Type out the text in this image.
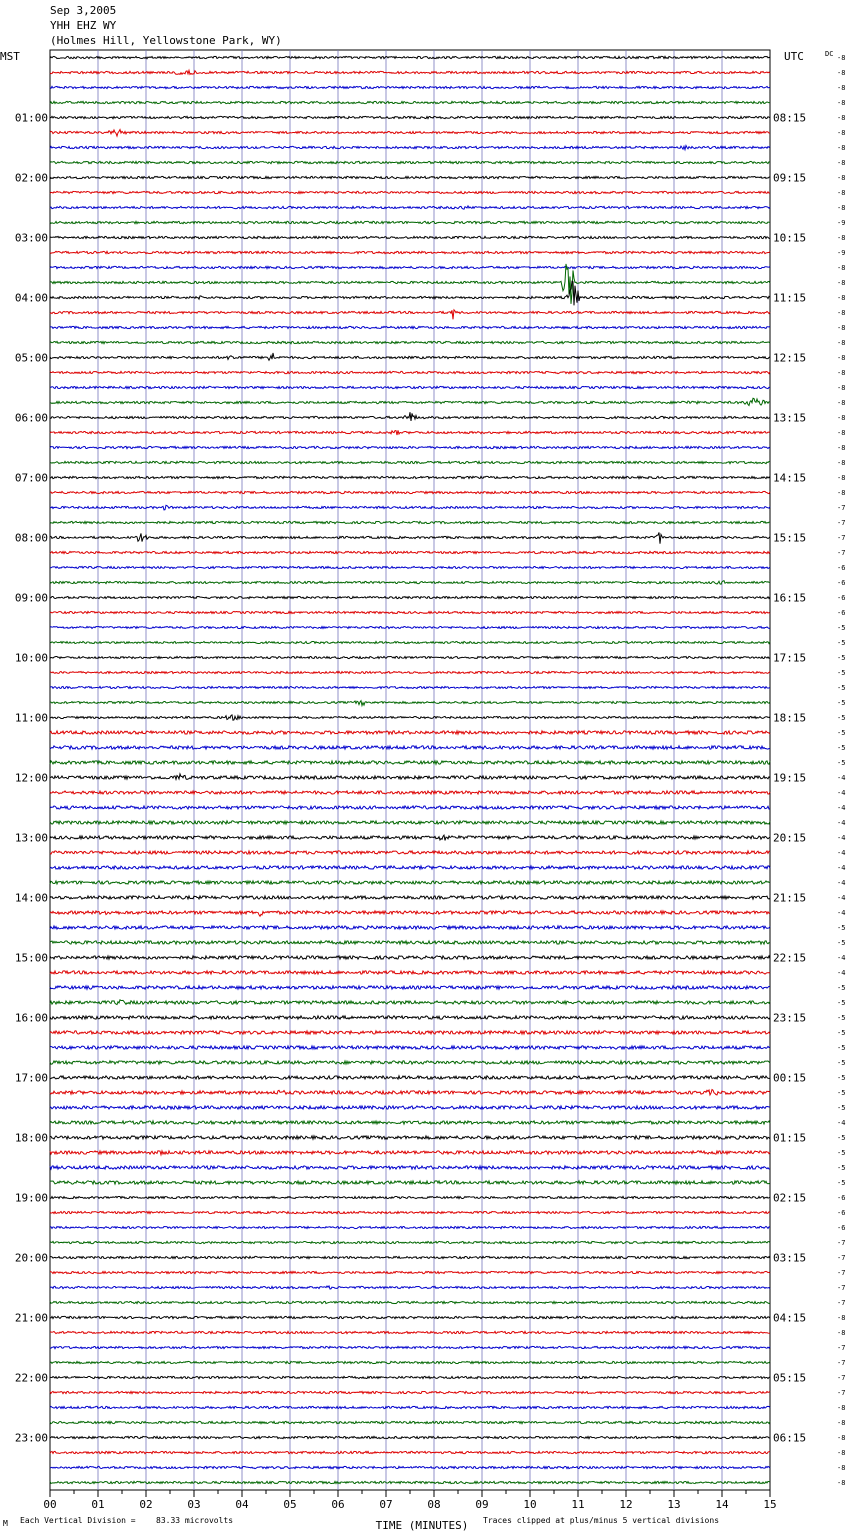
Sep 3,2005
YHH EHZ WY
(Holmes Hill, Yellowstone Park, WY)
-8
-8
-8
-8
-8
-8
-8
-8
-8
-8
-8
-9
-8
-9
-8
-8
-8
-8
-8
-8
-8
-8
-8
-8
-8
-8
-8
-8
-8
-8
-7
-7
-7
-7
-6
-6
-6
-6
-5
-5
-5
-5
-5
-5
-5
-5
-5
-5
-4
-4
-4
-4
-4
-4
-4
-4
-4
-4
-5
-5
-4
-4
-5
-5
-5
-5
-5
-5
-5
-5
-5
-4
-5
-5
-5
-5
-6
-6
-6
-7
-7
-7
-7
-7
-8
-8
-7
-7
-7
-7
-8
-8
-8
-8
-8
-8
MST	UTC	DC
01:00
02:00
03:00
04:00
05:00
06:00
07:00
08:00
09:00
10:00
11:00
12:00
13:00
14:00
15:00
16:00
17:00
18:00
19:00
20:00
21:00
22:00
23:00
08:15
09:15
10:15
11:15
12:15
13:15
14:15
15:15
16:15
17:15
18:15
19:15
20:15
21:15
22:15
23:15
00:15
01:15
02:15
03:15
04:15
05:15
06:15
00	01	02	03	04	05	06	07	08	09	10	11	12	13	14	15
TIME (MINUTES)
M Each Vertical Division =	83.33 microvolts	Traces clipped at plus/minus 5 vertical divisions
